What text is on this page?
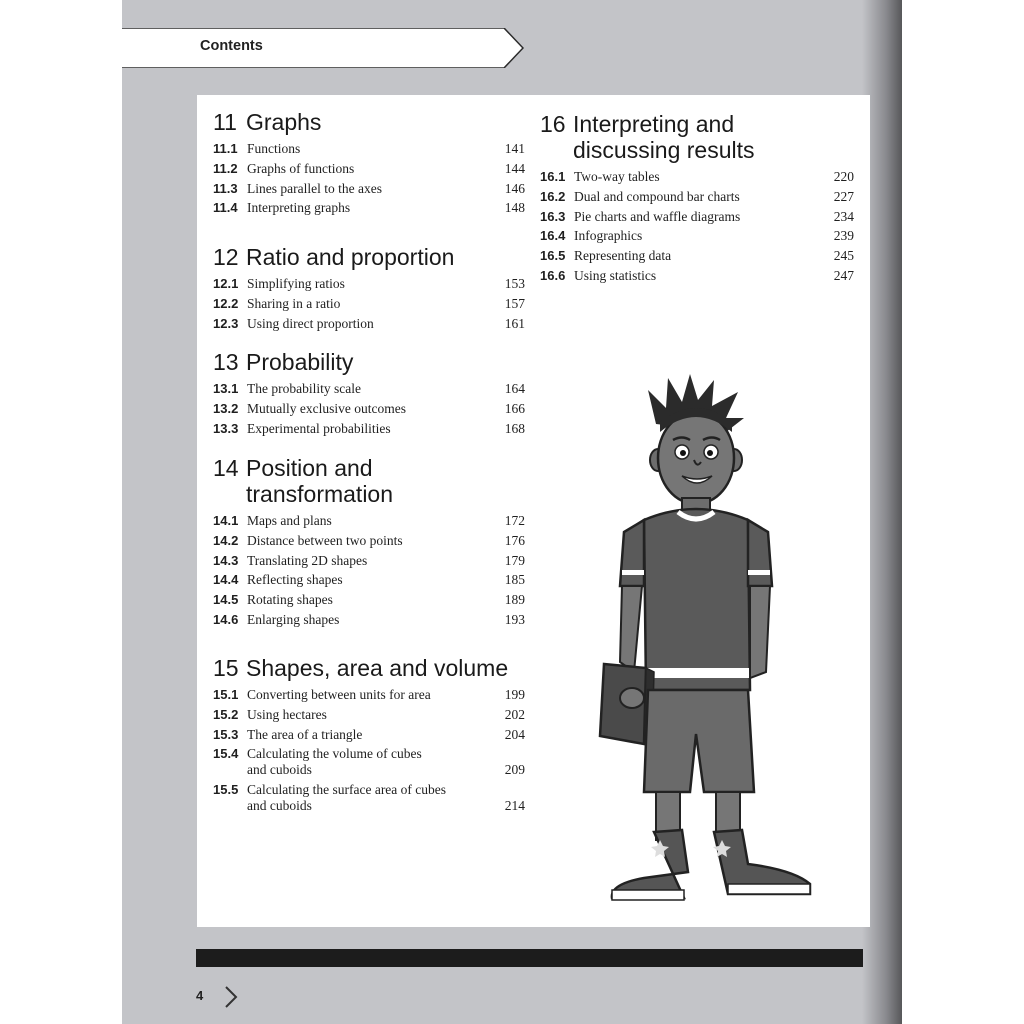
Contents
11 Graphs
11.1 Functions	141
11.2 Graphs of functions	144
11.3 Lines parallel to the axes	146
11.4 Interpreting graphs	148
12 Ratio and proportion
12.1 Simplifying ratios	153
12.2 Sharing in a ratio	157
12.3 Using direct proportion	161
13 Probability
13.1 The probability scale	164
13.2 Mutually exclusive outcomes	166
13.3 Experimental probabilities	168
14 Position and
transformation
14.1 Maps and plans	172
14.2 Distance between two points	176
14.3 Translating 2D shapes	179
14.4 Reflecting shapes	185
14.5 Rotating shapes	189
14.6 Enlarging shapes	193
15 Shapes, area and volume
15.1 Converting between units for area	199
15.2 Using hectares	202
15.3 The area of a triangle	204
15.4 Calculating the volume of cubes
and cuboids	209
15.5 Calculating the surface area of cubes
and cuboids	214
16 Interpreting and
discussing results
16.1 Two-way tables	220
16.2 Dual and compound bar charts	227
16.3 Pie charts and waffle diagrams	234
16.4 Infographics	239
16.5 Representing data	245
16.6 Using statistics	247
4
